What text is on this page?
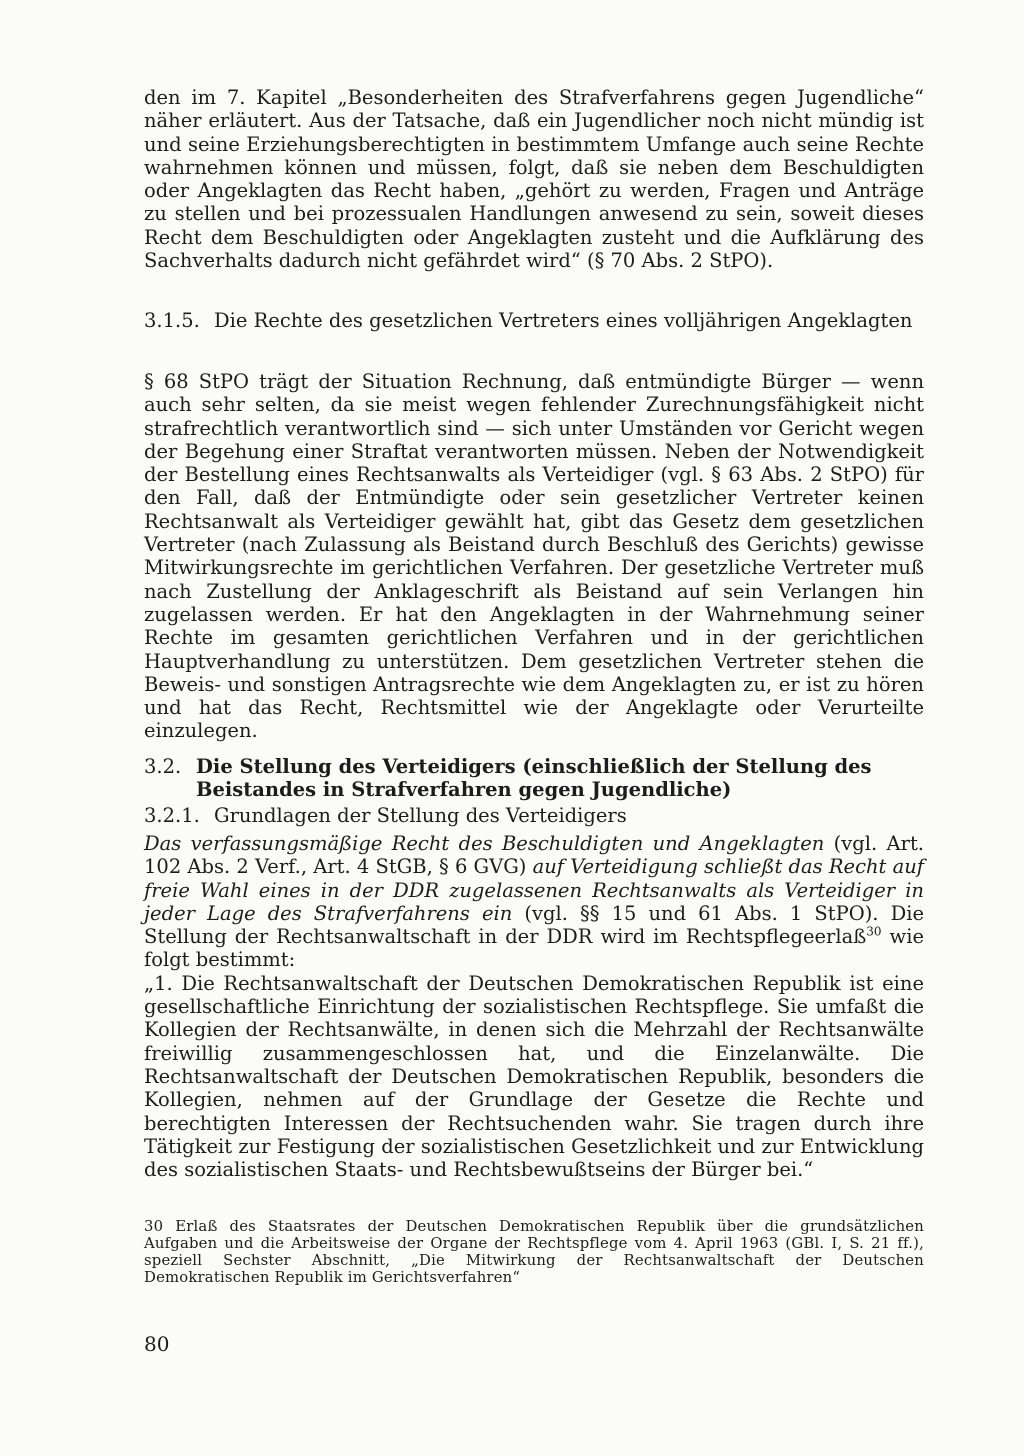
den im 7. Kapitel „Besonderheiten des Strafverfahrens gegen Jugendliche“ näher erläutert. Aus der Tatsache, daß ein Jugendlicher noch nicht mündig ist und seine Erziehungsberechtigten in bestimmtem Umfange auch seine Rechte wahrnehmen können und müssen, folgt, daß sie neben dem Beschuldigten oder Angeklagten das Recht haben, „gehört zu werden, Fragen und Anträge zu stellen und bei prozessualen Handlungen anwesend zu sein, soweit dieses Recht dem Beschuldigten oder Angeklagten zusteht und die Aufklärung des Sachverhalts dadurch nicht gefährdet wird“ (§ 70 Abs. 2 StPO).

3.1.5. Die Rechte des gesetzlichen Vertreters eines volljährigen Angeklagten

§ 68 StPO trägt der Situation Rechnung, daß entmündigte Bürger — wenn auch sehr selten, da sie meist wegen fehlender Zurechnungsfähigkeit nicht strafrechtlich verantwortlich sind — sich unter Umständen vor Gericht wegen der Begehung einer Straftat verantworten müssen. Neben der Notwendigkeit der Bestellung eines Rechtsanwalts als Verteidiger (vgl. § 63 Abs. 2 StPO) für den Fall, daß der Entmündigte oder sein gesetzlicher Vertreter keinen Rechtsanwalt als Verteidiger gewählt hat, gibt das Gesetz dem gesetzlichen Vertreter (nach Zulassung als Beistand durch Beschluß des Gerichts) gewisse Mitwirkungsrechte im gerichtlichen Verfahren. Der gesetzliche Vertreter muß nach Zustellung der Anklageschrift als Beistand auf sein Verlangen hin zugelassen werden. Er hat den Angeklagten in der Wahrnehmung seiner Rechte im gesamten gerichtlichen Verfahren und in der gerichtlichen Hauptverhandlung zu unterstützen. Dem gesetzlichen Vertreter stehen die Beweis- und sonstigen Antragsrechte wie dem Angeklagten zu, er ist zu hören und hat das Recht, Rechtsmittel wie der Angeklagte oder Verurteilte einzulegen.

3.2. Die Stellung des Verteidigers (einschließlich der Stellung des Beistandes in Strafverfahren gegen Jugendliche)
3.2.1. Grundlagen der Stellung des Verteidigers

Das verfassungsmäßige Recht des Beschuldigten und Angeklagten (vgl. Art. 102 Abs. 2 Verf., Art. 4 StGB, § 6 GVG) auf Verteidigung schließt das Recht auf freie Wahl eines in der DDR zugelassenen Rechtsanwalts als Verteidiger in jeder Lage des Strafverfahrens ein (vgl. §§ 15 und 61 Abs. 1 StPO). Die Stellung der Rechtsanwaltschaft in der DDR wird im Rechtspflegeerlaß$^{30}$ wie folgt bestimmt:

„1. Die Rechtsanwaltschaft der Deutschen Demokratischen Republik ist eine gesellschaftliche Einrichtung der sozialistischen Rechtspflege. Sie umfaßt die Kollegien der Rechtsanwälte, in denen sich die Mehrzahl der Rechtsanwälte freiwillig zusammengeschlossen hat, und die Einzelanwälte. Die Rechtsanwaltschaft der Deutschen Demokratischen Republik, besonders die Kollegien, nehmen auf der Grundlage der Gesetze die Rechte und berechtigten Interessen der Rechtsuchenden wahr. Sie tragen durch ihre Tätigkeit zur Festigung der sozialistischen Gesetzlichkeit und zur Entwicklung des sozialistischen Staats- und Rechtsbewußtseins der Bürger bei.“

30 Erlaß des Staatsrates der Deutschen Demokratischen Republik über die grundsätzlichen Aufgaben und die Arbeitsweise der Organe der Rechtspflege vom 4. April 1963 (GBl. I, S. 21 ff.), speziell Sechster Abschnitt, „Die Mitwirkung der Rechtsanwaltschaft der Deutschen Demokratischen Republik im Gerichtsverfahren“

80
